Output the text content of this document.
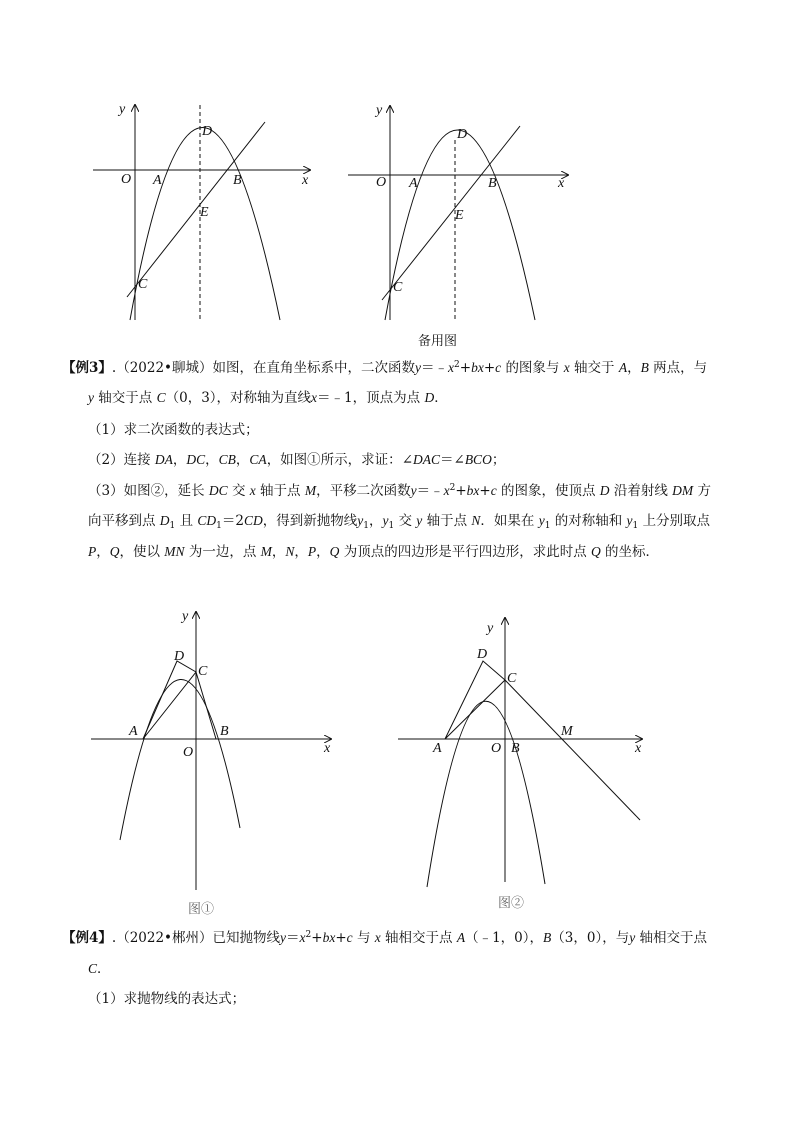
y
x
O A	B
D
E
C
y
x
O A	B
D
E
C
备用图
【例3】.（2022•聊城）如图，在直角坐标系中，二次函数$y=﹣x^2+bx+c$ 的图象与 x 轴交于 A，B 两点，与
y 轴交于点 C（0，3），对称轴为直线x＝﹣1，顶点为点 D．
（1）求二次函数的表达式；
（2）连接 DA，DC，CB，CA，如图①所示，求证：∠DAC＝∠BCO；
（3）如图②，延长 DC 交 x 轴于点 M，平移二次函数$y=﹣x^2+bx+c$ 的图象，使顶点 D 沿着射线 DM 方
向平移到点 $D_1$ 且 $CD_1=2CD$，得到新抛物线$y_1$，$y_1$ 交 y 轴于点 N．如果在 $y_1$ 的对称轴和 $y_1$ 上分别取点
P，Q，使以 MN 为一边，点 M，N，P，Q 为顶点的四边形是平行四边形，求此时点 Q 的坐标．
y
x
D
C
A	B
O
图①
y
x
D
C
A	O B
M
图②
【例4】.（2022•郴州）已知抛物线$y=x^2+bx+c$ 与 x 轴相交于点 A（﹣1，0），B（3，0），与y 轴相交于点
C．
（1）求抛物线的表达式；
